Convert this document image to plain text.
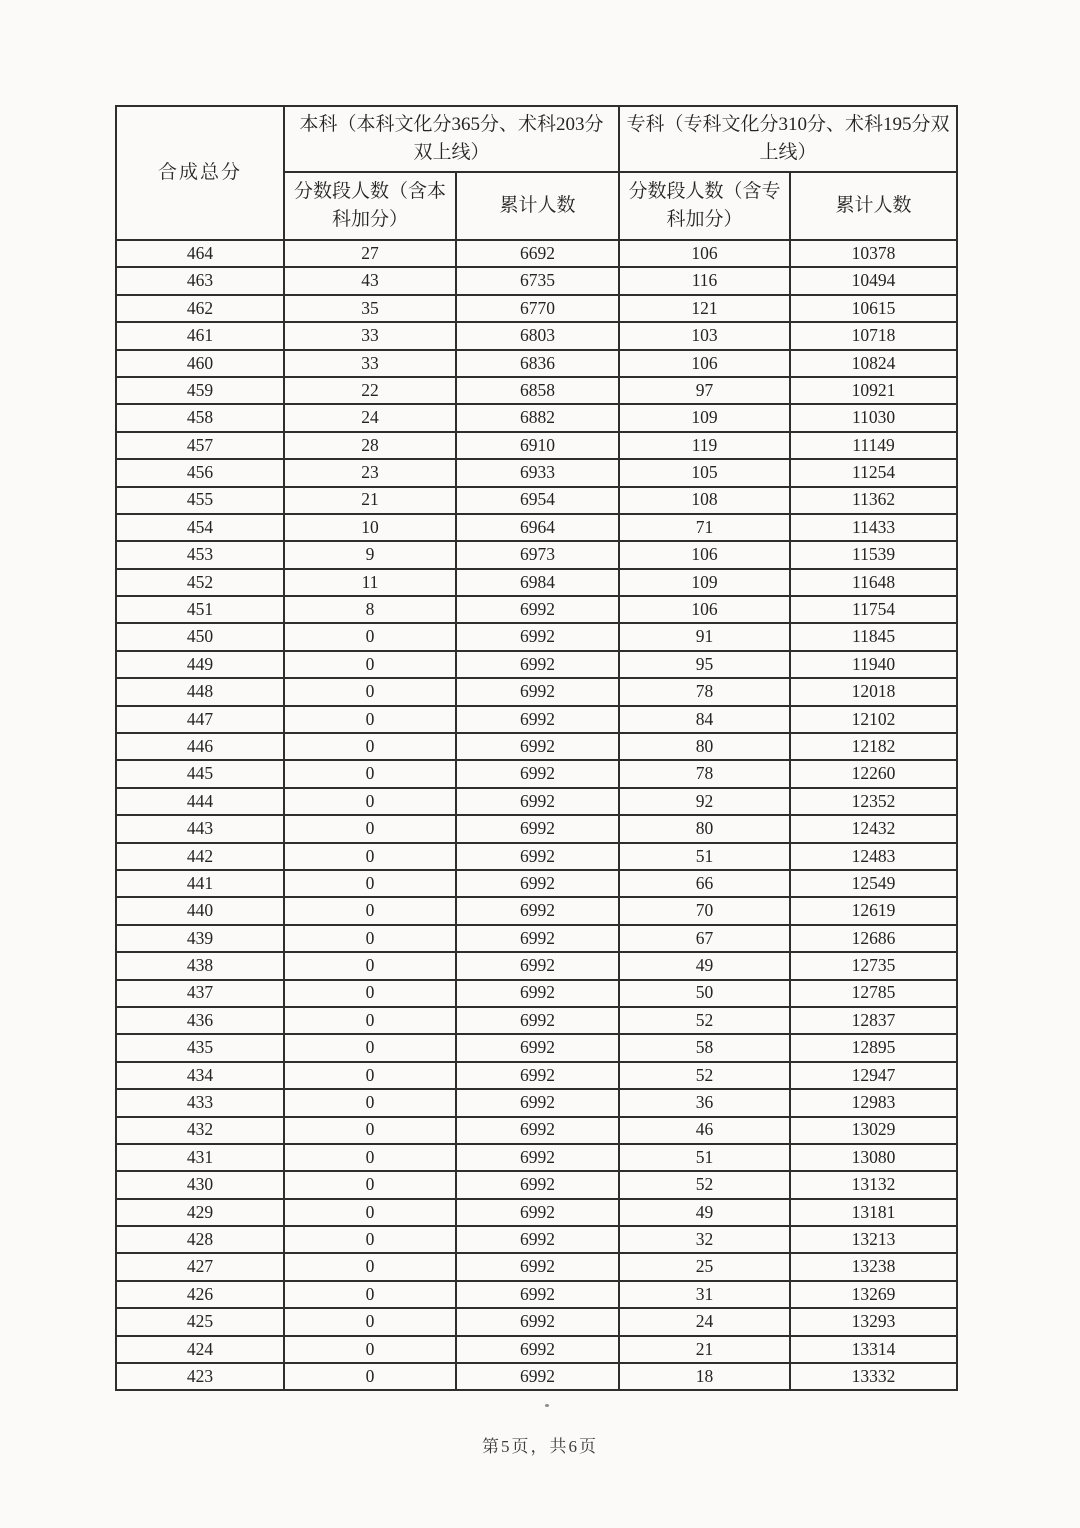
合成总分	本科（本科文化分365分、术科203分双上线）		专科（专科文化分310分、术科195分双上线）	
	分数段人数（含本科加分）	累计人数	分数段人数（含专科加分）	累计人数
464	27	6692	106	10378
463	43	6735	116	10494
462	35	6770	121	10615
461	33	6803	103	10718
460	33	6836	106	10824
459	22	6858	97	10921
458	24	6882	109	11030
457	28	6910	119	11149
456	23	6933	105	11254
455	21	6954	108	11362
454	10	6964	71	11433
453	9	6973	106	11539
452	11	6984	109	11648
451	8	6992	106	11754
450	0	6992	91	11845
449	0	6992	95	11940
448	0	6992	78	12018
447	0	6992	84	12102
446	0	6992	80	12182
445	0	6992	78	12260
444	0	6992	92	12352
443	0	6992	80	12432
442	0	6992	51	12483
441	0	6992	66	12549
440	0	6992	70	12619
439	0	6992	67	12686
438	0	6992	49	12735
437	0	6992	50	12785
436	0	6992	52	12837
435	0	6992	58	12895
434	0	6992	52	12947
433	0	6992	36	12983
432	0	6992	46	13029
431	0	6992	51	13080
430	0	6992	52	13132
429	0	6992	49	13181
428	0	6992	32	13213
427	0	6992	25	13238
426	0	6992	31	13269
425	0	6992	24	13293
424	0	6992	21	13314
423	0	6992	18	13332
第5页，共6页
